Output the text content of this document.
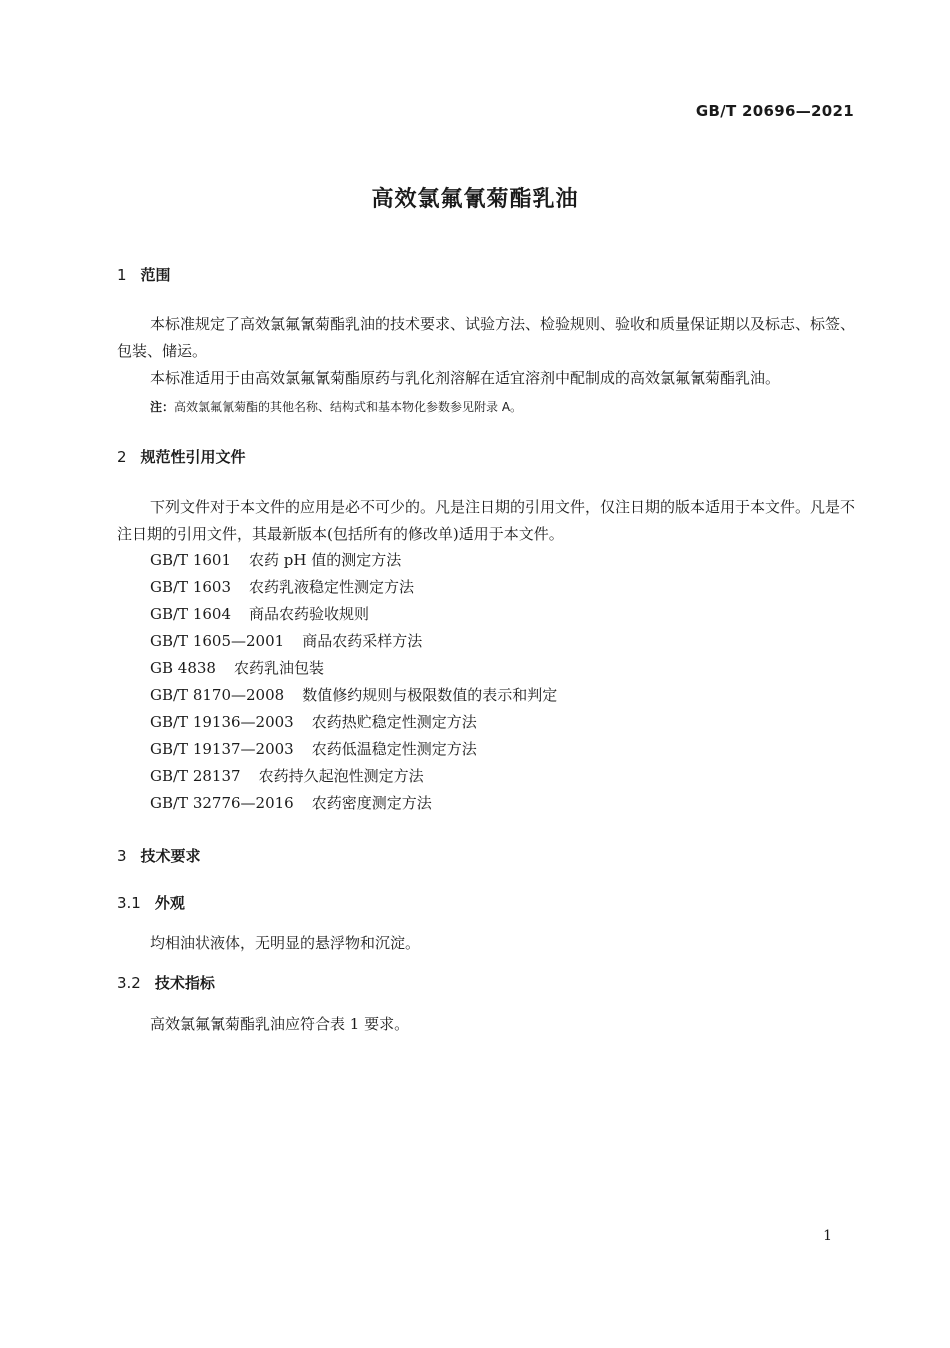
GB/T 20696—2021
高效氯氟氰菊酯乳油
1 范围
本标准规定了高效氯氟氰菊酯乳油的技术要求、试验方法、检验规则、验收和质量保证期以及标志、标签、包装、储运。
本标准适用于由高效氯氟氰菊酯原药与乳化剂溶解在适宜溶剂中配制成的高效氯氟氰菊酯乳油。
注：高效氯氟氰菊酯的其他名称、结构式和基本物化参数参见附录 A。
2 规范性引用文件
下列文件对于本文件的应用是必不可少的。凡是注日期的引用文件，仅注日期的版本适用于本文件。凡是不注日期的引用文件，其最新版本(包括所有的修改单)适用于本文件。
GB/T 1601 农药 pH 值的测定方法
GB/T 1603 农药乳液稳定性测定方法
GB/T 1604 商品农药验收规则
GB/T 1605—2001 商品农药采样方法
GB 4838 农药乳油包装
GB/T 8170—2008 数值修约规则与极限数值的表示和判定
GB/T 19136—2003 农药热贮稳定性测定方法
GB/T 19137—2003 农药低温稳定性测定方法
GB/T 28137 农药持久起泡性测定方法
GB/T 32776—2016 农药密度测定方法
3 技术要求
3.1 外观
均相油状液体，无明显的悬浮物和沉淀。
3.2 技术指标
高效氯氟氰菊酯乳油应符合表 1 要求。
1
